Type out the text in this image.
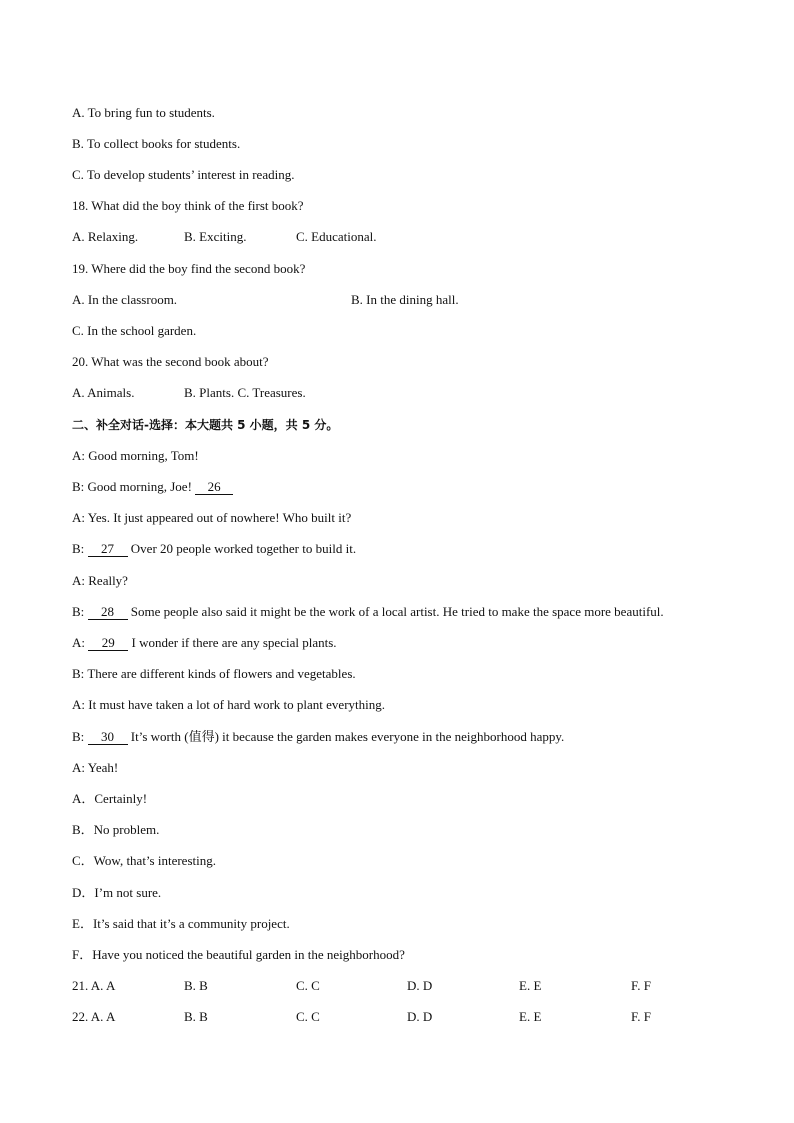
A. To bring fun to students.
B. To collect books for students.
C. To develop students’ interest in reading.
18. What did the boy think of the first book?
A. Relaxing.	B. Exciting.	C. Educational.
19. Where did the boy find the second book?
A. In the classroom.	B. In the dining hall.
C. In the school garden.
20. What was the second book about?
A. Animals.	B. Plants. C. Treasures.
二、补全对话-选择：本大题共 5 小题，共 5 分。
A: Good morning, Tom!
B: Good morning, Joe! 26
A: Yes. It just appeared out of nowhere! Who built it?
B: 27 Over 20 people worked together to build it.
A: Really?
B: 28 Some people also said it might be the work of a local artist. He tried to make the space more beautiful.
A: 29 I wonder if there are any special plants.
B: There are different kinds of flowers and vegetables.
A: It must have taken a lot of hard work to plant everything.
B: 30 It’s worth (值得) it because the garden makes everyone in the neighborhood happy.
A: Yeah!
A．Certainly!
B．No problem.
C．Wow, that’s interesting.
D．I’m not sure.
E．It’s said that it’s a community project.
F．Have you noticed the beautiful garden in the neighborhood?
21. A. A	B. B	C. C	D. D	E. E	F. F
22. A. A	B. B	C. C	D. D	E. E	F. F
